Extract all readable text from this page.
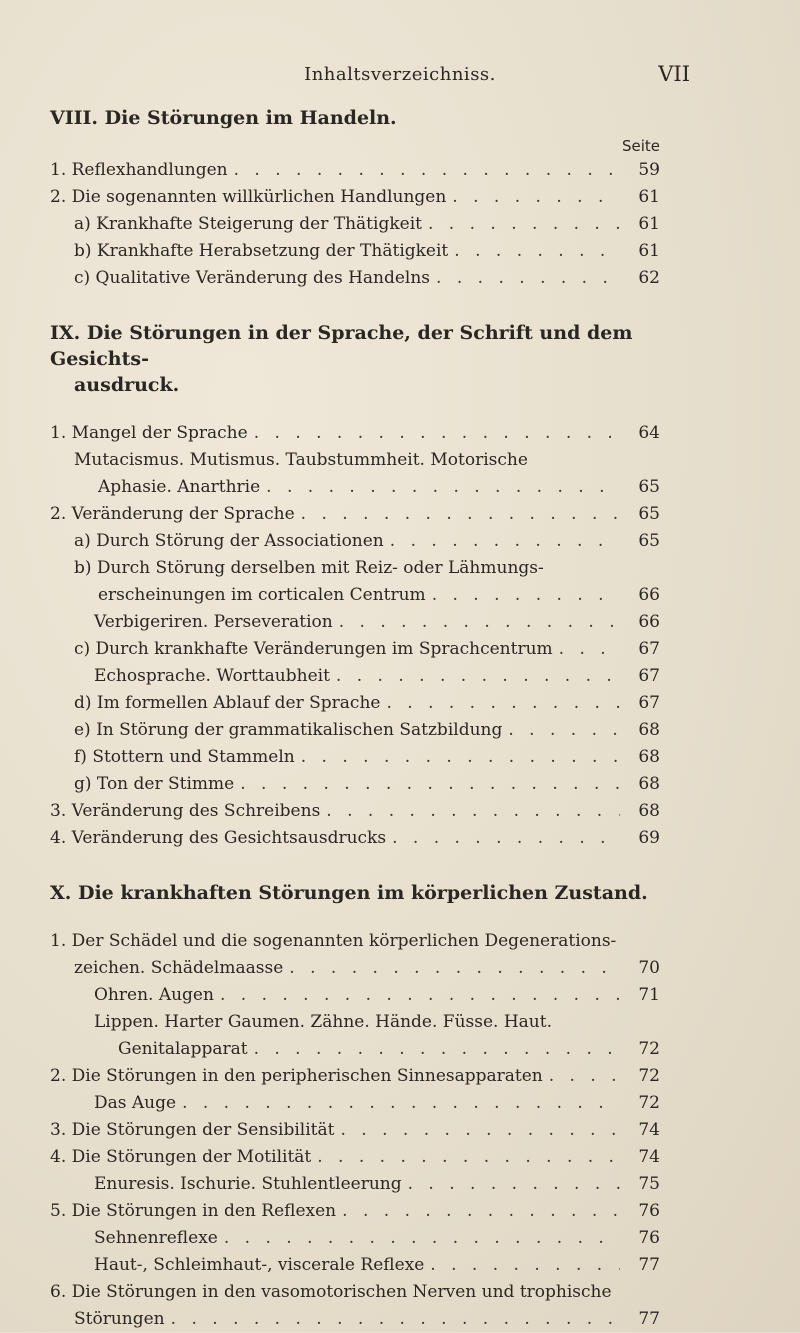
Inhaltsverzeichniss.	VII
VIII. Die Störungen im Handeln.
Seite
1. Reflexhandlungen . . .	59
2. Die sogenannten willkürlichen Handlungen . . .	61
a) Krankhafte Steigerung der Thätigkeit . . .	61
b) Krankhafte Herabsetzung der Thätigkeit . . .	61
c) Qualitative Veränderung des Handelns . . .	62
IX. Die Störungen in der Sprache, der Schrift und dem Gesichts-
ausdruck.
1. Mangel der Sprache . . .	64
Mutacismus. Mutismus. Taubstummheit. Motorische
Aphasie. Anarthrie . . .	65
2. Veränderung der Sprache . . .	65
a) Durch Störung der Associationen . . .	65
b) Durch Störung derselben mit Reiz- oder Lähmungs-
erscheinungen im corticalen Centrum . . .	66
Verbigeriren. Perseveration . . .	66
c) Durch krankhafte Veränderungen im Sprachcentrum . . .	67
Echosprache. Worttaubheit . . .	67
d) Im formellen Ablauf der Sprache . . .	67
e) In Störung der grammatikalischen Satzbildung . . .	68
f) Stottern und Stammeln . . .	68
g) Ton der Stimme . . .	68
3. Veränderung des Schreibens . . .	68
4. Veränderung des Gesichtsausdrucks . . .	69
X. Die krankhaften Störungen im körperlichen Zustand.
1. Der Schädel und die sogenannten körperlichen Degenerations-
zeichen. Schädelmaasse . . .	70
Ohren. Augen . . .	71
Lippen. Harter Gaumen. Zähne. Hände. Füsse. Haut.
Genitalapparat . . .	72
2. Die Störungen in den peripherischen Sinnesapparaten . . .	72
Das Auge . . .	72
3. Die Störungen der Sensibilität . . .	74
4. Die Störungen der Motilität . . .	74
Enuresis. Ischurie. Stuhlentleerung . . .	75
5. Die Störungen in den Reflexen . . .	76
Sehnenreflexe . . .	76
Haut-, Schleimhaut-, viscerale Reflexe . . .	77
6. Die Störungen in den vasomotorischen Nerven und trophische
Störungen . . .	77
